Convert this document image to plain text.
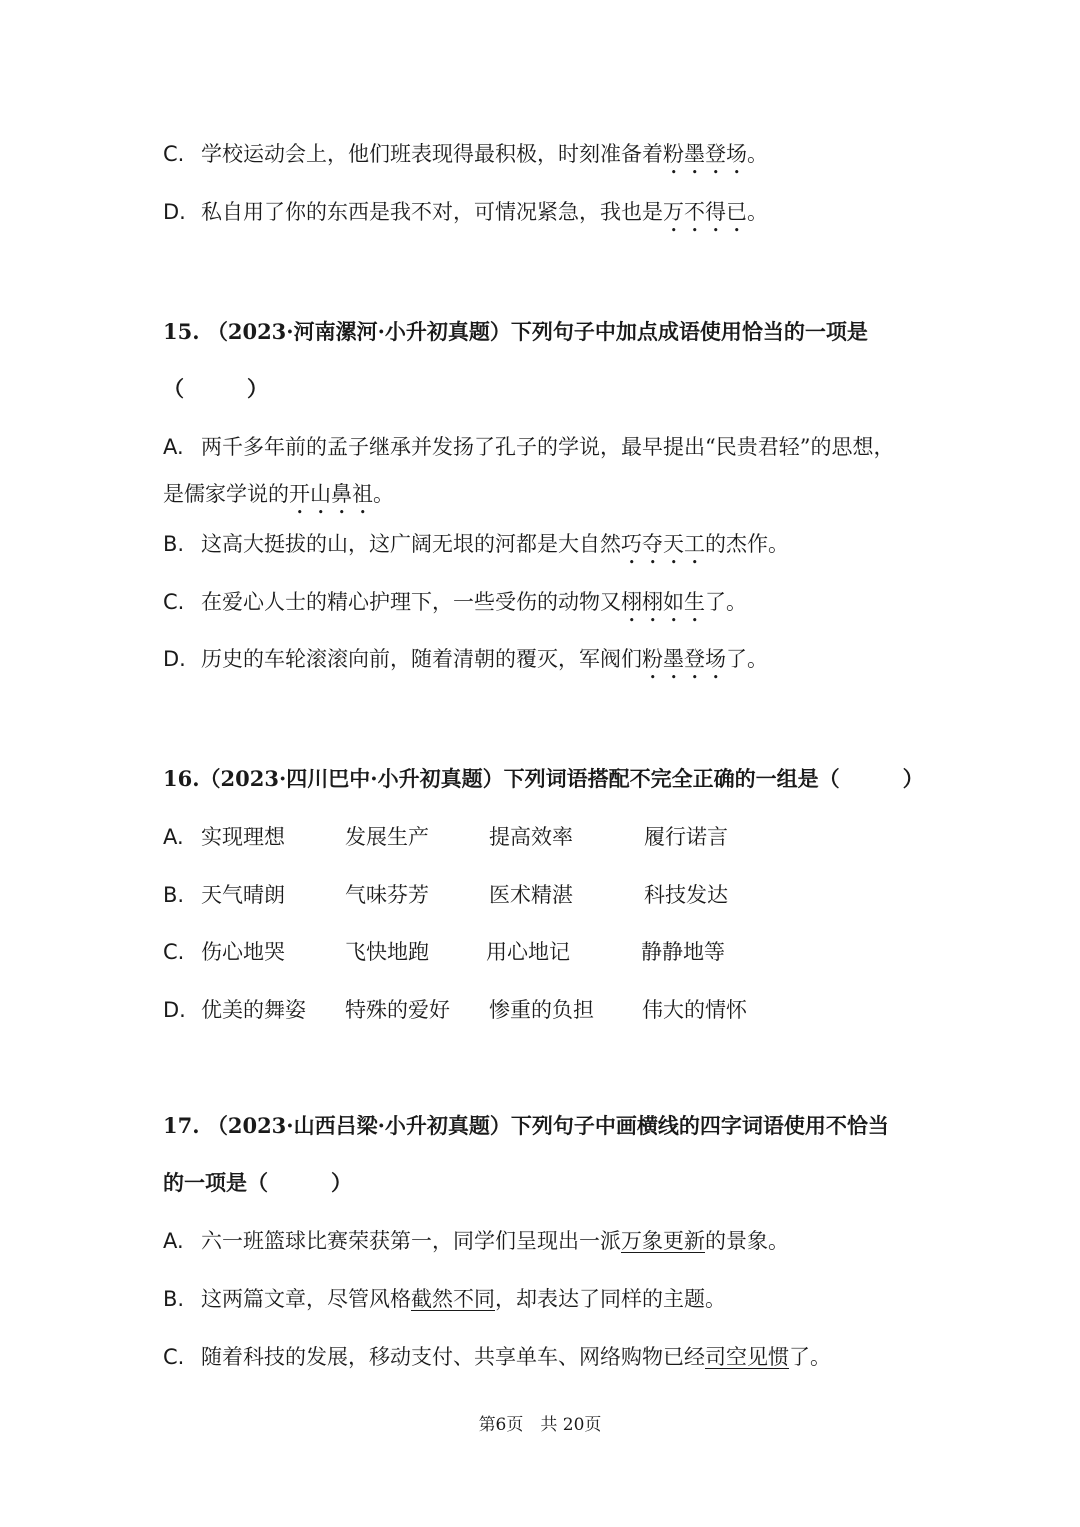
C. 学校运动会上，他们班表现得最积极，时刻准备着粉墨登场。
D. 私自用了你的东西是我不对，可情况紧急，我也是万不得已。
15. （2023·河南漯河·小升初真题）下列句子中加点成语使用恰当的一项是
（　　　）
A. 两千多年前的孟子继承并发扬了孔子的学说，最早提出“民贵君轻”的思想，
是儒家学说的开山鼻祖。
B. 这高大挺拔的山，这广阔无垠的河都是大自然巧夺天工的杰作。
C. 在爱心人士的精心护理下，一些受伤的动物又栩栩如生了。
D. 历史的车轮滚滚向前，随着清朝的覆灭，军阀们粉墨登场了。
16.（2023·四川巴中·小升初真题）下列词语搭配不完全正确的一组是（　　　）
A. 实现理想	发展生产	提高效率	履行诺言
B. 天气晴朗	气味芬芳	医术精湛	科技发达
C. 伤心地哭	飞快地跑	用心地记	静静地等
D. 优美的舞姿 特殊的爱好 惨重的负担 伟大的情怀
17. （2023·山西吕梁·小升初真题）下列句子中画横线的四字词语使用不恰当
的一项是（　　　）
A. 六一班篮球比赛荣获第一，同学们呈现出一派万象更新的景象。
B. 这两篇文章，尽管风格截然不同，却表达了同样的主题。
C. 随着科技的发展，移动支付、共享单车、网络购物已经司空见惯了。
第6页　共 20页
